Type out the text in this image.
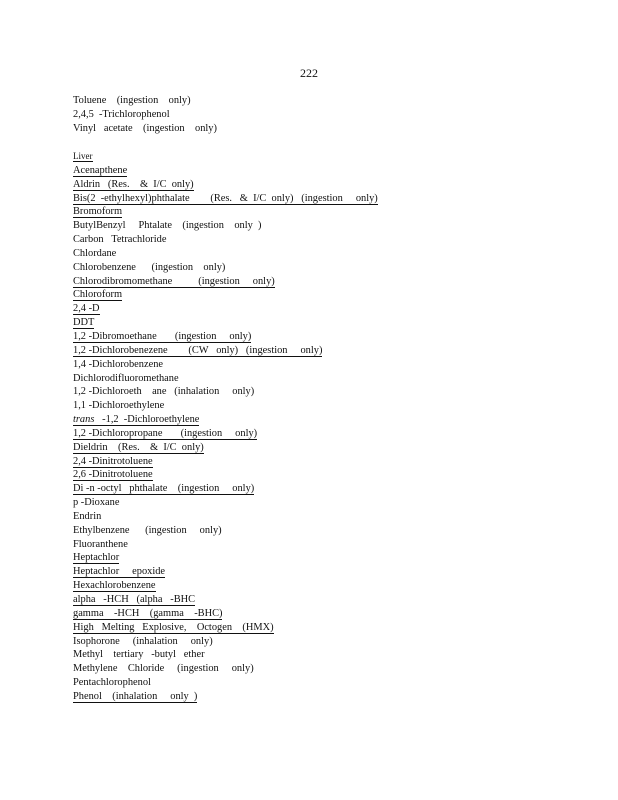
222
Toluene    (ingestion    only)
2,4,5  -Trichlorophenol
Vinyl   acetate    (ingestion    only)
Liver
Acenapthene
Aldrin   (Res.    &  I/C  only)
Bis(2  -ethylhexyl)phthalate        (Res.   &  I/C  only)   (ingestion     only)
Bromoform
ButylBenzyl     Phtalate    (ingestion    only  )
Carbon   Tetrachloride
Chlordane
Chlorobenzene      (ingestion    only)
Chlorodibromomethane          (ingestion     only)
Chloroform
2,4 -D
DDT
1,2 -Dibromoethane       (ingestion     only)
1,2 -Dichlorobenezene        (CW   only)   (ingestion     only)
1,4 -Dichlorobenzene
Dichlorodifluoromethane
1,2 -Dichloroeth    ane   (inhalation     only)
1,1 -Dichloroethylene
trans   -1,2  -Dichloroethylene
1,2 -Dichloropropane       (ingestion     only)
Dieldrin    (Res.    &  I/C  only)
2,4 -Dinitrotoluene
2,6 -Dinitrotoluene
Di -n -octyl   phthalate    (ingestion     only)
p -Dioxane
Endrin
Ethylbenzene      (ingestion     only)
Fluoranthene
Heptachlor
Heptachlor     epoxide
Hexachlorobenzene
alpha   -HCH   (alpha   -BHC
gamma    -HCH    (gamma    -BHC)
High   Melting   Explosive,    Octogen    (HMX)
Isophorone     (inhalation     only)
Methyl    tertiary   -butyl   ether
Methylene    Chloride     (ingestion     only)
Pentachlorophenol
Phenol    (inhalation     only  )
